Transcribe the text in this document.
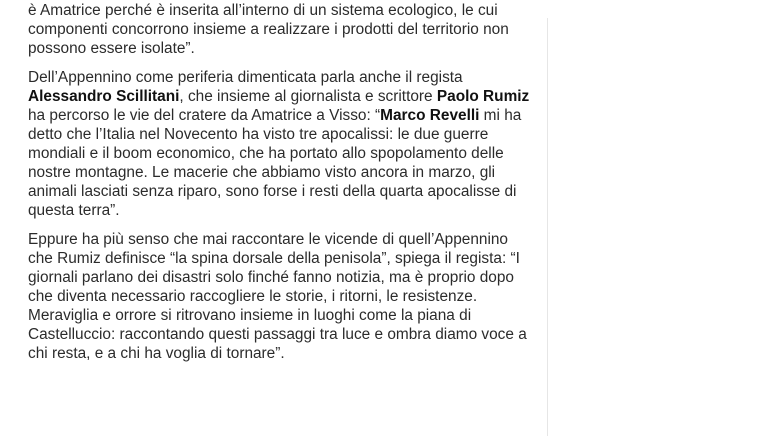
è Amatrice perché è inserita all’interno di un sistema ecologico, le cui componenti concorrono insieme a realizzare i prodotti del territorio non possono essere isolate”.

Dell’Appennino come periferia dimenticata parla anche il regista Alessandro Scillitani, che insieme al giornalista e scrittore Paolo Rumiz ha percorso le vie del cratere da Amatrice a Visso: “Marco Revelli mi ha detto che l’Italia nel Novecento ha visto tre apocalissi: le due guerre mondiali e il boom economico, che ha portato allo spopolamento delle nostre montagne. Le macerie che abbiamo visto ancora in marzo, gli animali lasciati senza riparo, sono forse i resti della quarta apocalisse di questa terra”.

Eppure ha più senso che mai raccontare le vicende di quell’Appennino che Rumiz definisce “la spina dorsale della penisola”, spiega il regista: “I giornali parlano dei disastri solo finché fanno notizia, ma è proprio dopo che diventa necessario raccogliere le storie, i ritorni, le resistenze. Meraviglia e orrore si ritrovano insieme in luoghi come la piana di Castelluccio: raccontando questi passaggi tra luce e ombra diamo voce a chi resta, e a chi ha voglia di tornare”.
